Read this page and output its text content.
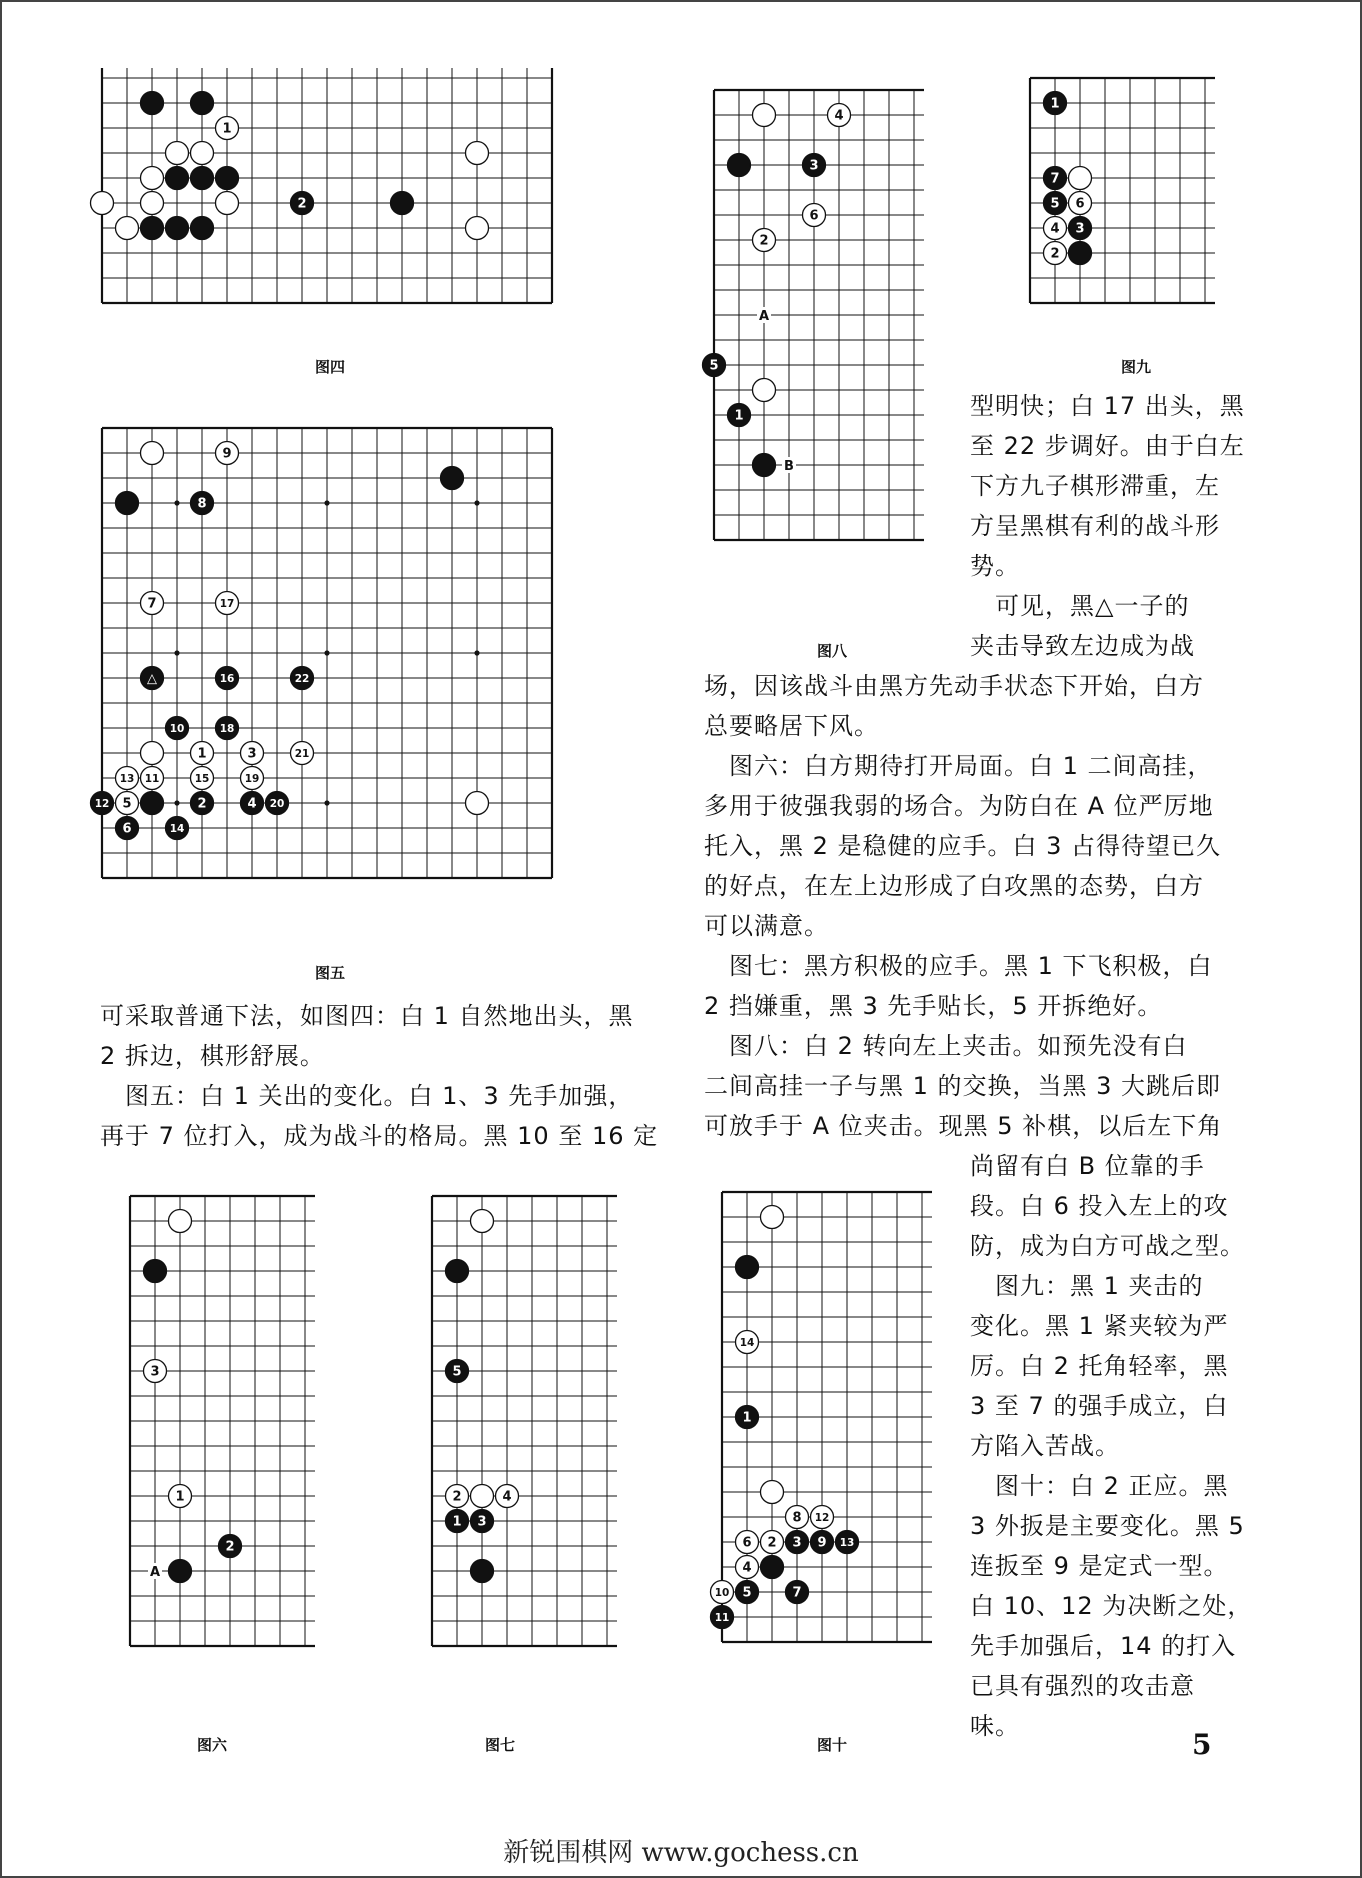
1
2
图四
9
8
7	17
△	16	22
10	18
1	3	21
13 11	15	19
12 5	2	4 20
6	14
图五
4
3
6
2
5
1
A
B
图八
1
7
5 6
4 3
2
图九
3
1
2
A
图六
5
2	4
1 3
图七
14
1
8 12
6 2 3 9 13
4
10 5	7
11
图十

可采取普通下法，如图四：白 1 自然地出头，黑

2 拆边，棋形舒展。

　图五：白 1 关出的变化。白 1、3 先手加强，

再于 7 位打入，成为战斗的格局。黑 10 至 16 定

型明快；白 17 出头，黑

至 22 步调好。由于白左

下方九子棋形滞重，左

方呈黑棋有利的战斗形

势。

　可见，黑△一子的

夹击导致左边成为战

场，因该战斗由黑方先动手状态下开始，白方

总要略居下风。

　图六：白方期待打开局面。白 1 二间高挂，

多用于彼强我弱的场合。为防白在 A 位严厉地

托入，黑 2 是稳健的应手。白 3 占得待望已久

的好点，在左上边形成了白攻黑的态势，白方

可以满意。

　图七：黑方积极的应手。黑 1 下飞积极，白

2 挡嫌重，黑 3 先手贴长，5 开拆绝好。

　图八：白 2 转向左上夹击。如预先没有白

二间高挂一子与黑 1 的交换，当黑 3 大跳后即

可放手于 A 位夹击。现黑 5 补棋，以后左下角

尚留有白 B 位靠的手

段。白 6 投入左上的攻

防，成为白方可战之型。

　图九：黑 1 夹击的

变化。黑 1 紧夹较为严

厉。白 2 托角轻率，黑

3 至 7 的强手成立，白

方陷入苦战。

　图十：白 2 正应。黑

3 外扳是主要变化。黑 5

连扳至 9 是定式一型。

白 10、12 为决断之处，

先手加强后，14 的打入

已具有强烈的攻击意

味。

5
新锐围棋网 www.gochess.cn
